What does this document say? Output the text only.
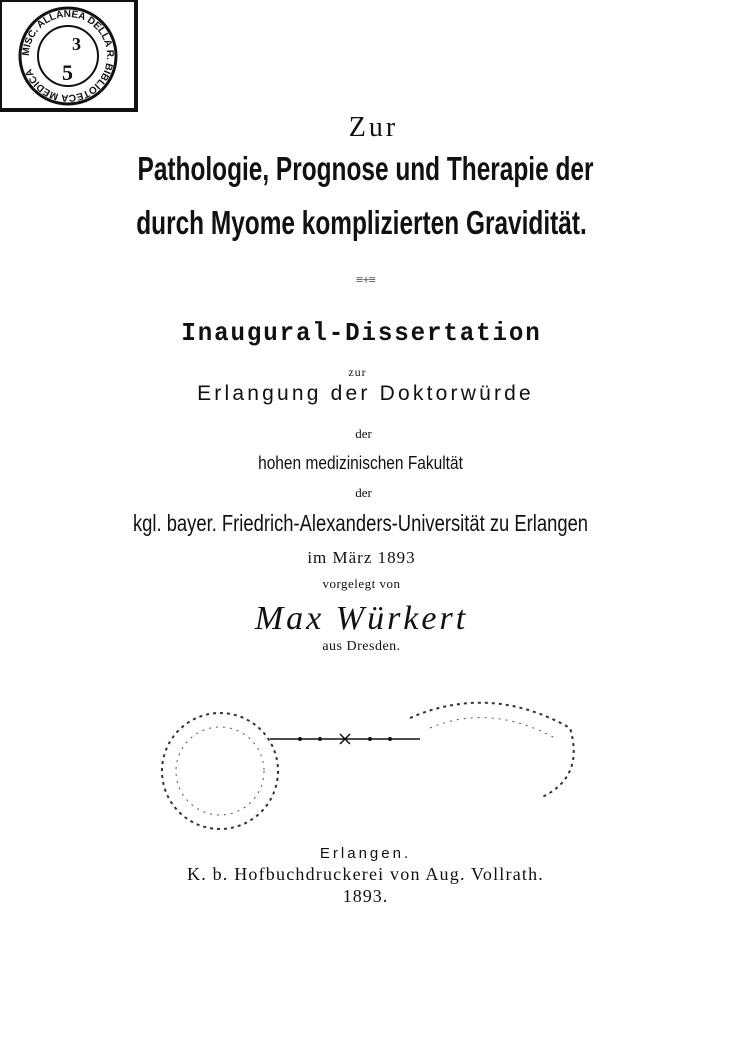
MISC. ALLANEA DELLA R. BIBLIOTECA MEDICA
3
5
Zur
Pathologie, Prognose und Therapie der
durch Myome komplizierten Gravidität.
≡+≡
Inaugural-Dissertation
zur
Erlangung der Doktorwürde
der
hohen medizinischen Fakultät
der
kgl. bayer. Friedrich-Alexanders-Universität zu Erlangen
im März 1893
vorgelegt von
Max Würkert
aus Dresden.
Erlangen.
K. b. Hofbuchdruckerei von Aug. Vollrath.
1893.
